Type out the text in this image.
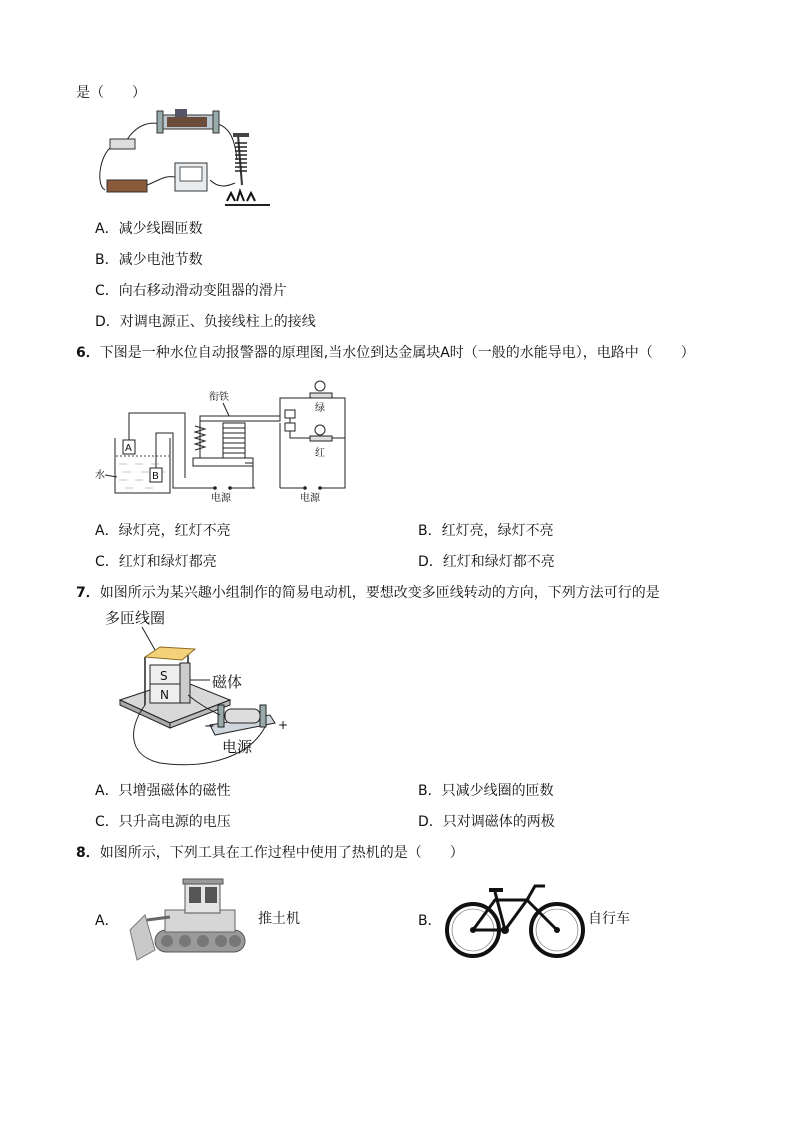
是（　　）
A．减少线圈匝数
B．减少电池节数
C．向右移动滑动变阻器的滑片
D．对调电源正、负接线柱上的接线
6．下图是一种水位自动报警器的原理图,当水位到达金属块A时（一般的水能导电），电路中（　　）
A
B
水
衔铁
电源
绿
红
电源
A．绿灯亮，红灯不亮	B．红灯亮，绿灯不亮
C．红灯和绿灯都亮	D．红灯和绿灯都不亮
7．如图所示为某兴趣小组制作的简易电动机，要想改变多匝线转动的方向，下列方法可行的是
多匝线圈
S
N
磁体
−	+
电源
A．只增强磁体的磁性	B．只减少线圈的匝数
C．只升高电源的电压	D．只对调磁体的两极
8．如图所示，下列工具在工作过程中使用了热机的是（　　）
A．	推土机	B．	自行车
